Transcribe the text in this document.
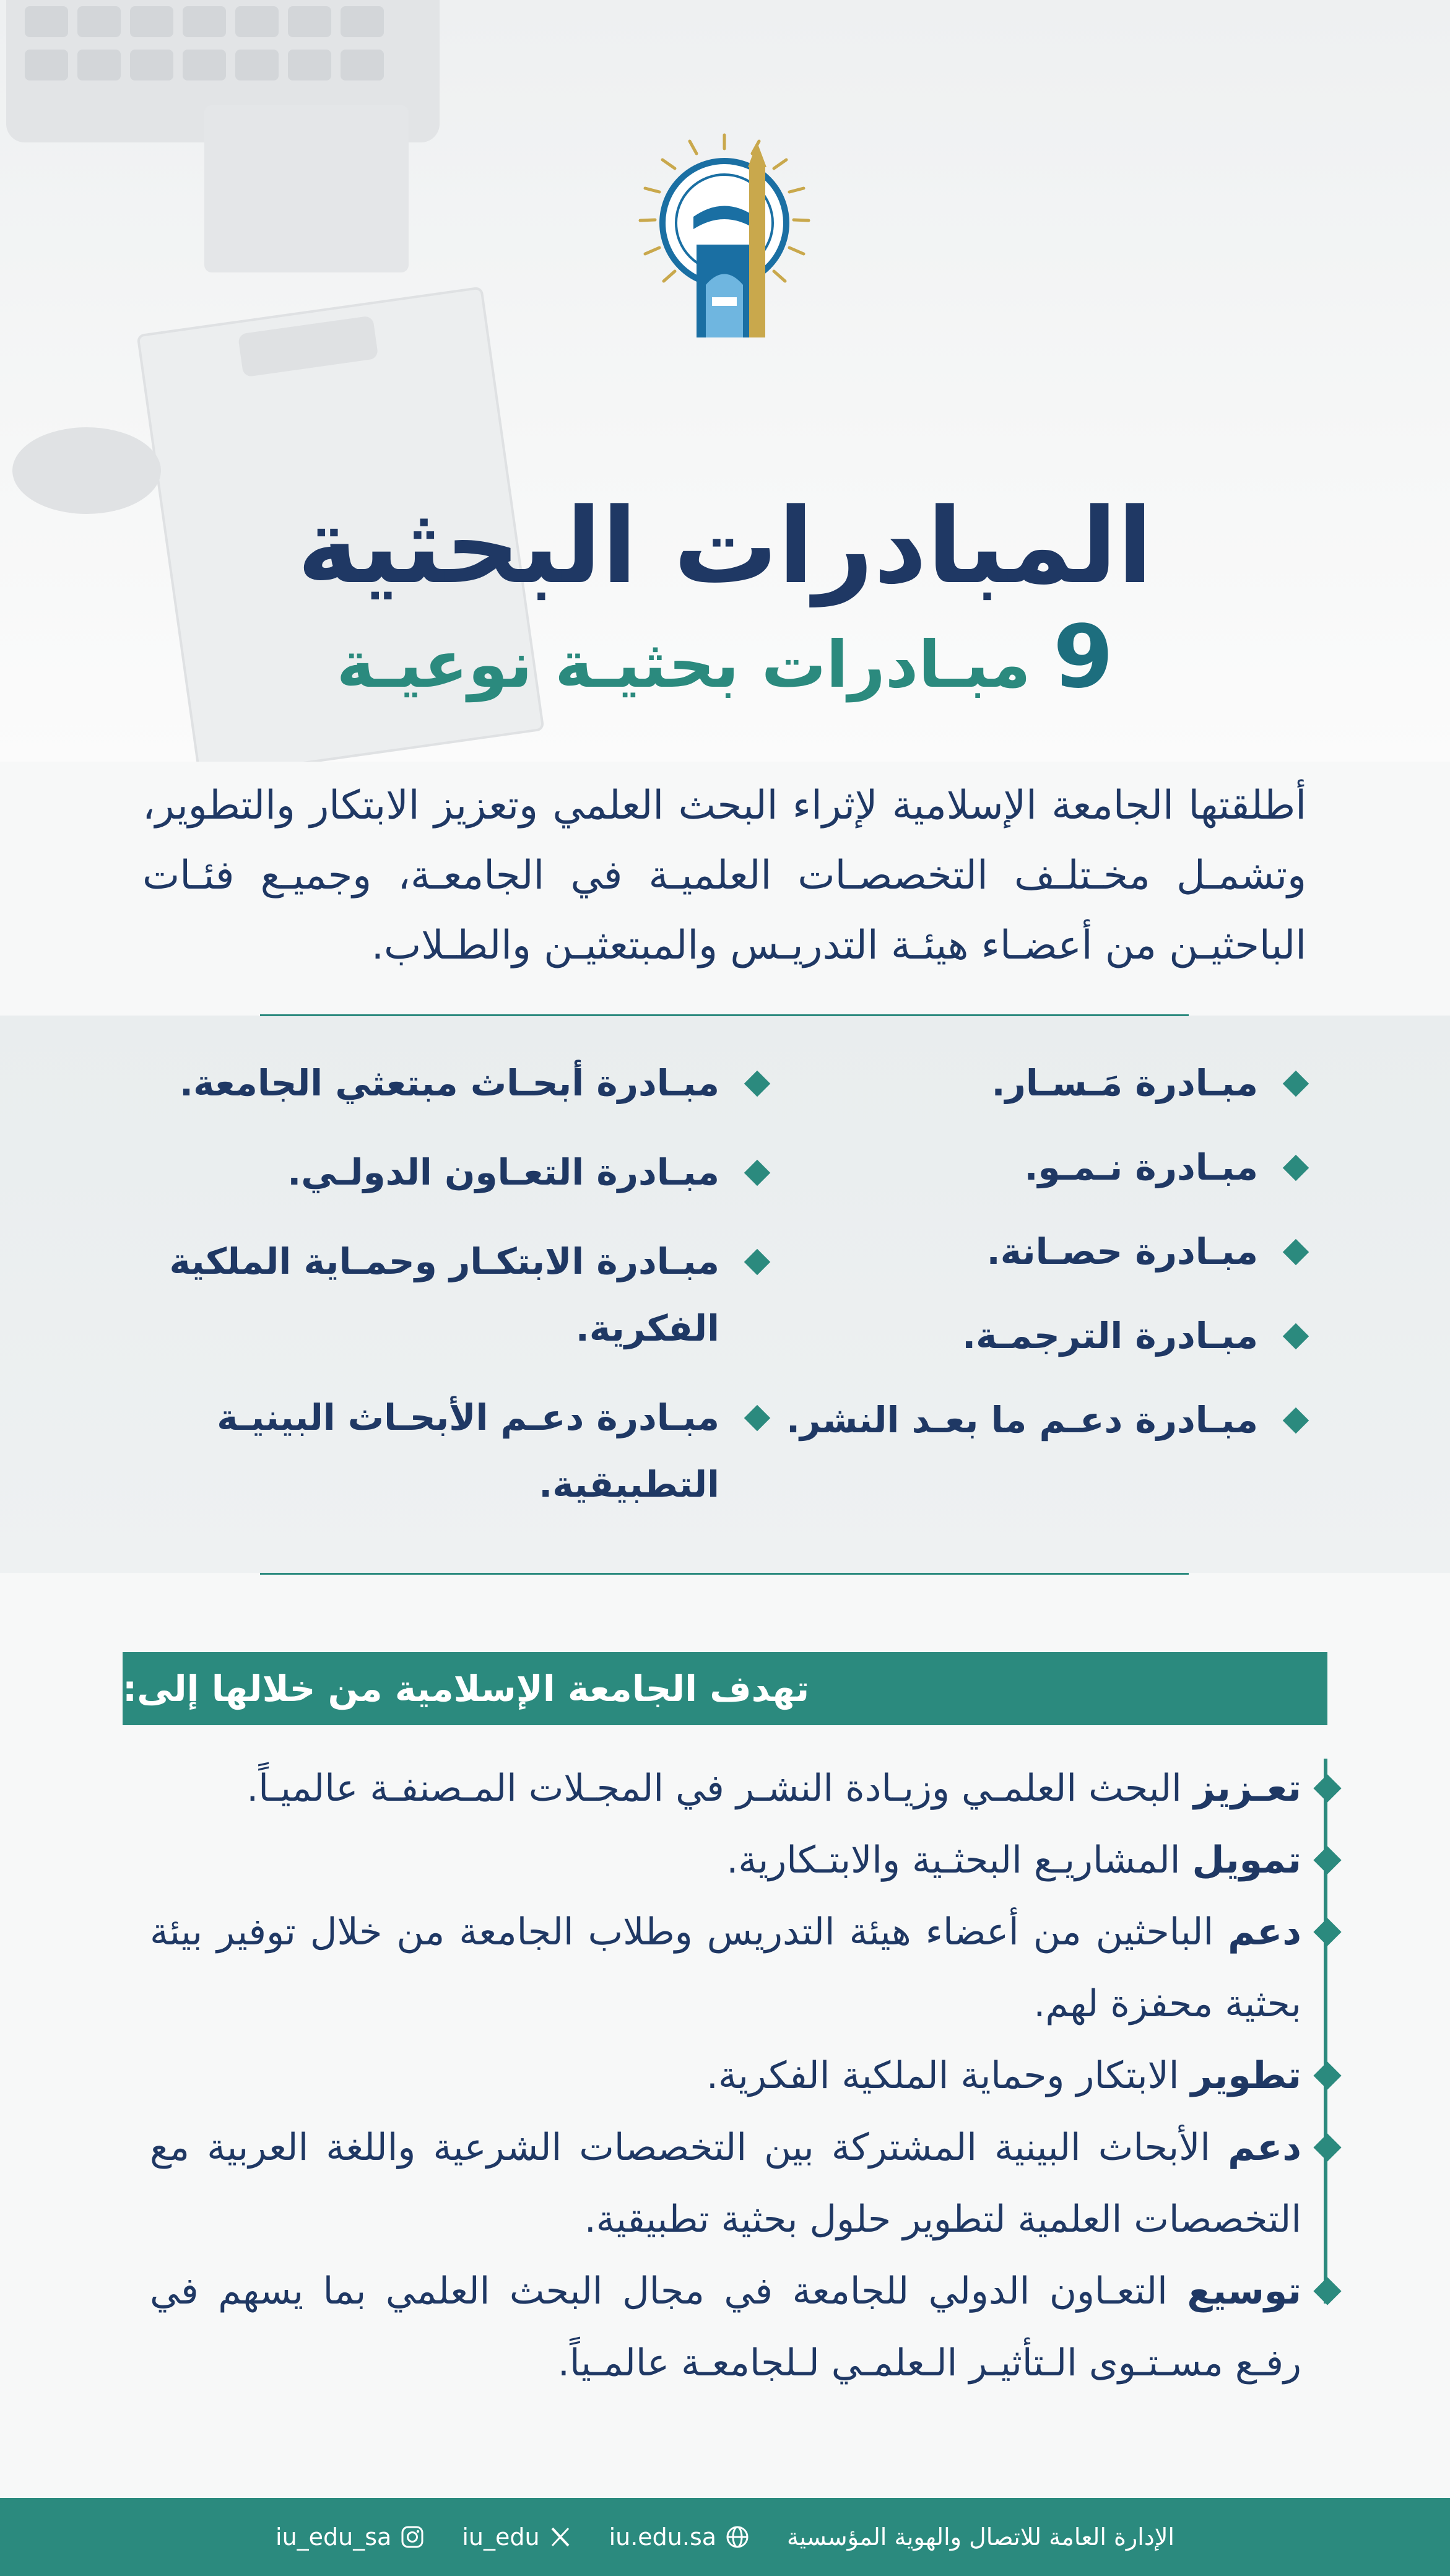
المبادرات البحثية
9 مبـادرات بحثيـة نوعيـة

أطلقتها الجامعة الإسلامية لإثراء البحث العلمي وتعزيز الابتكار والتطوير، وتشمـل مخـتلـف التخصصـات العلميـة في الجامعـة، وجميـع فئـات الباحثيـن من أعضـاء هيئـة التدريـس والمبتعثيـن والطـلاب.

مبـادرة مَـسـار.
مبـادرة نـمـو.
مبـادرة حصـانة.
مبـادرة الترجمـة.
مبـادرة دعـم ما بعـد النشر.
مبـادرة أبحـاث مبتعثي الجامعة.
مبـادرة التعـاون الدولـي.
مبـادرة الابتكـار وحمـاية الملكية الفكرية.
مبـادرة دعـم الأبحـاث البينيـة التطبيقية.
تهدف الجامعة الإسلامية من خلالها إلى:
تعـزيز البحث العلمـي وزيـادة النشـر في المجـلات المـصنفـة عالميـاً.
تمويل المشاريـع البحثـية والابتـكارية.
دعم الباحثين من أعضاء هيئة التدريس وطلاب الجامعة من خلال توفير بيئة بحثية محفزة لهم.
تطوير الابتكار وحماية الملكية الفكرية.
دعم الأبحاث البينية المشتركة بين التخصصات الشرعية واللغة العربية مع التخصصات العلمية لتطوير حلول بحثية تطبيقية.
توسيع التعـاون الدولي للجامعة في مجال البحث العلمي بما يسهم في رفـع مسـتـوى الـتأثيـر الـعلمـي لـلجامعـة عالمـياً.
الإدارة العامة للاتصال والهوية المؤسسية
iu.edu.sa
iu_edu
iu_edu_sa
